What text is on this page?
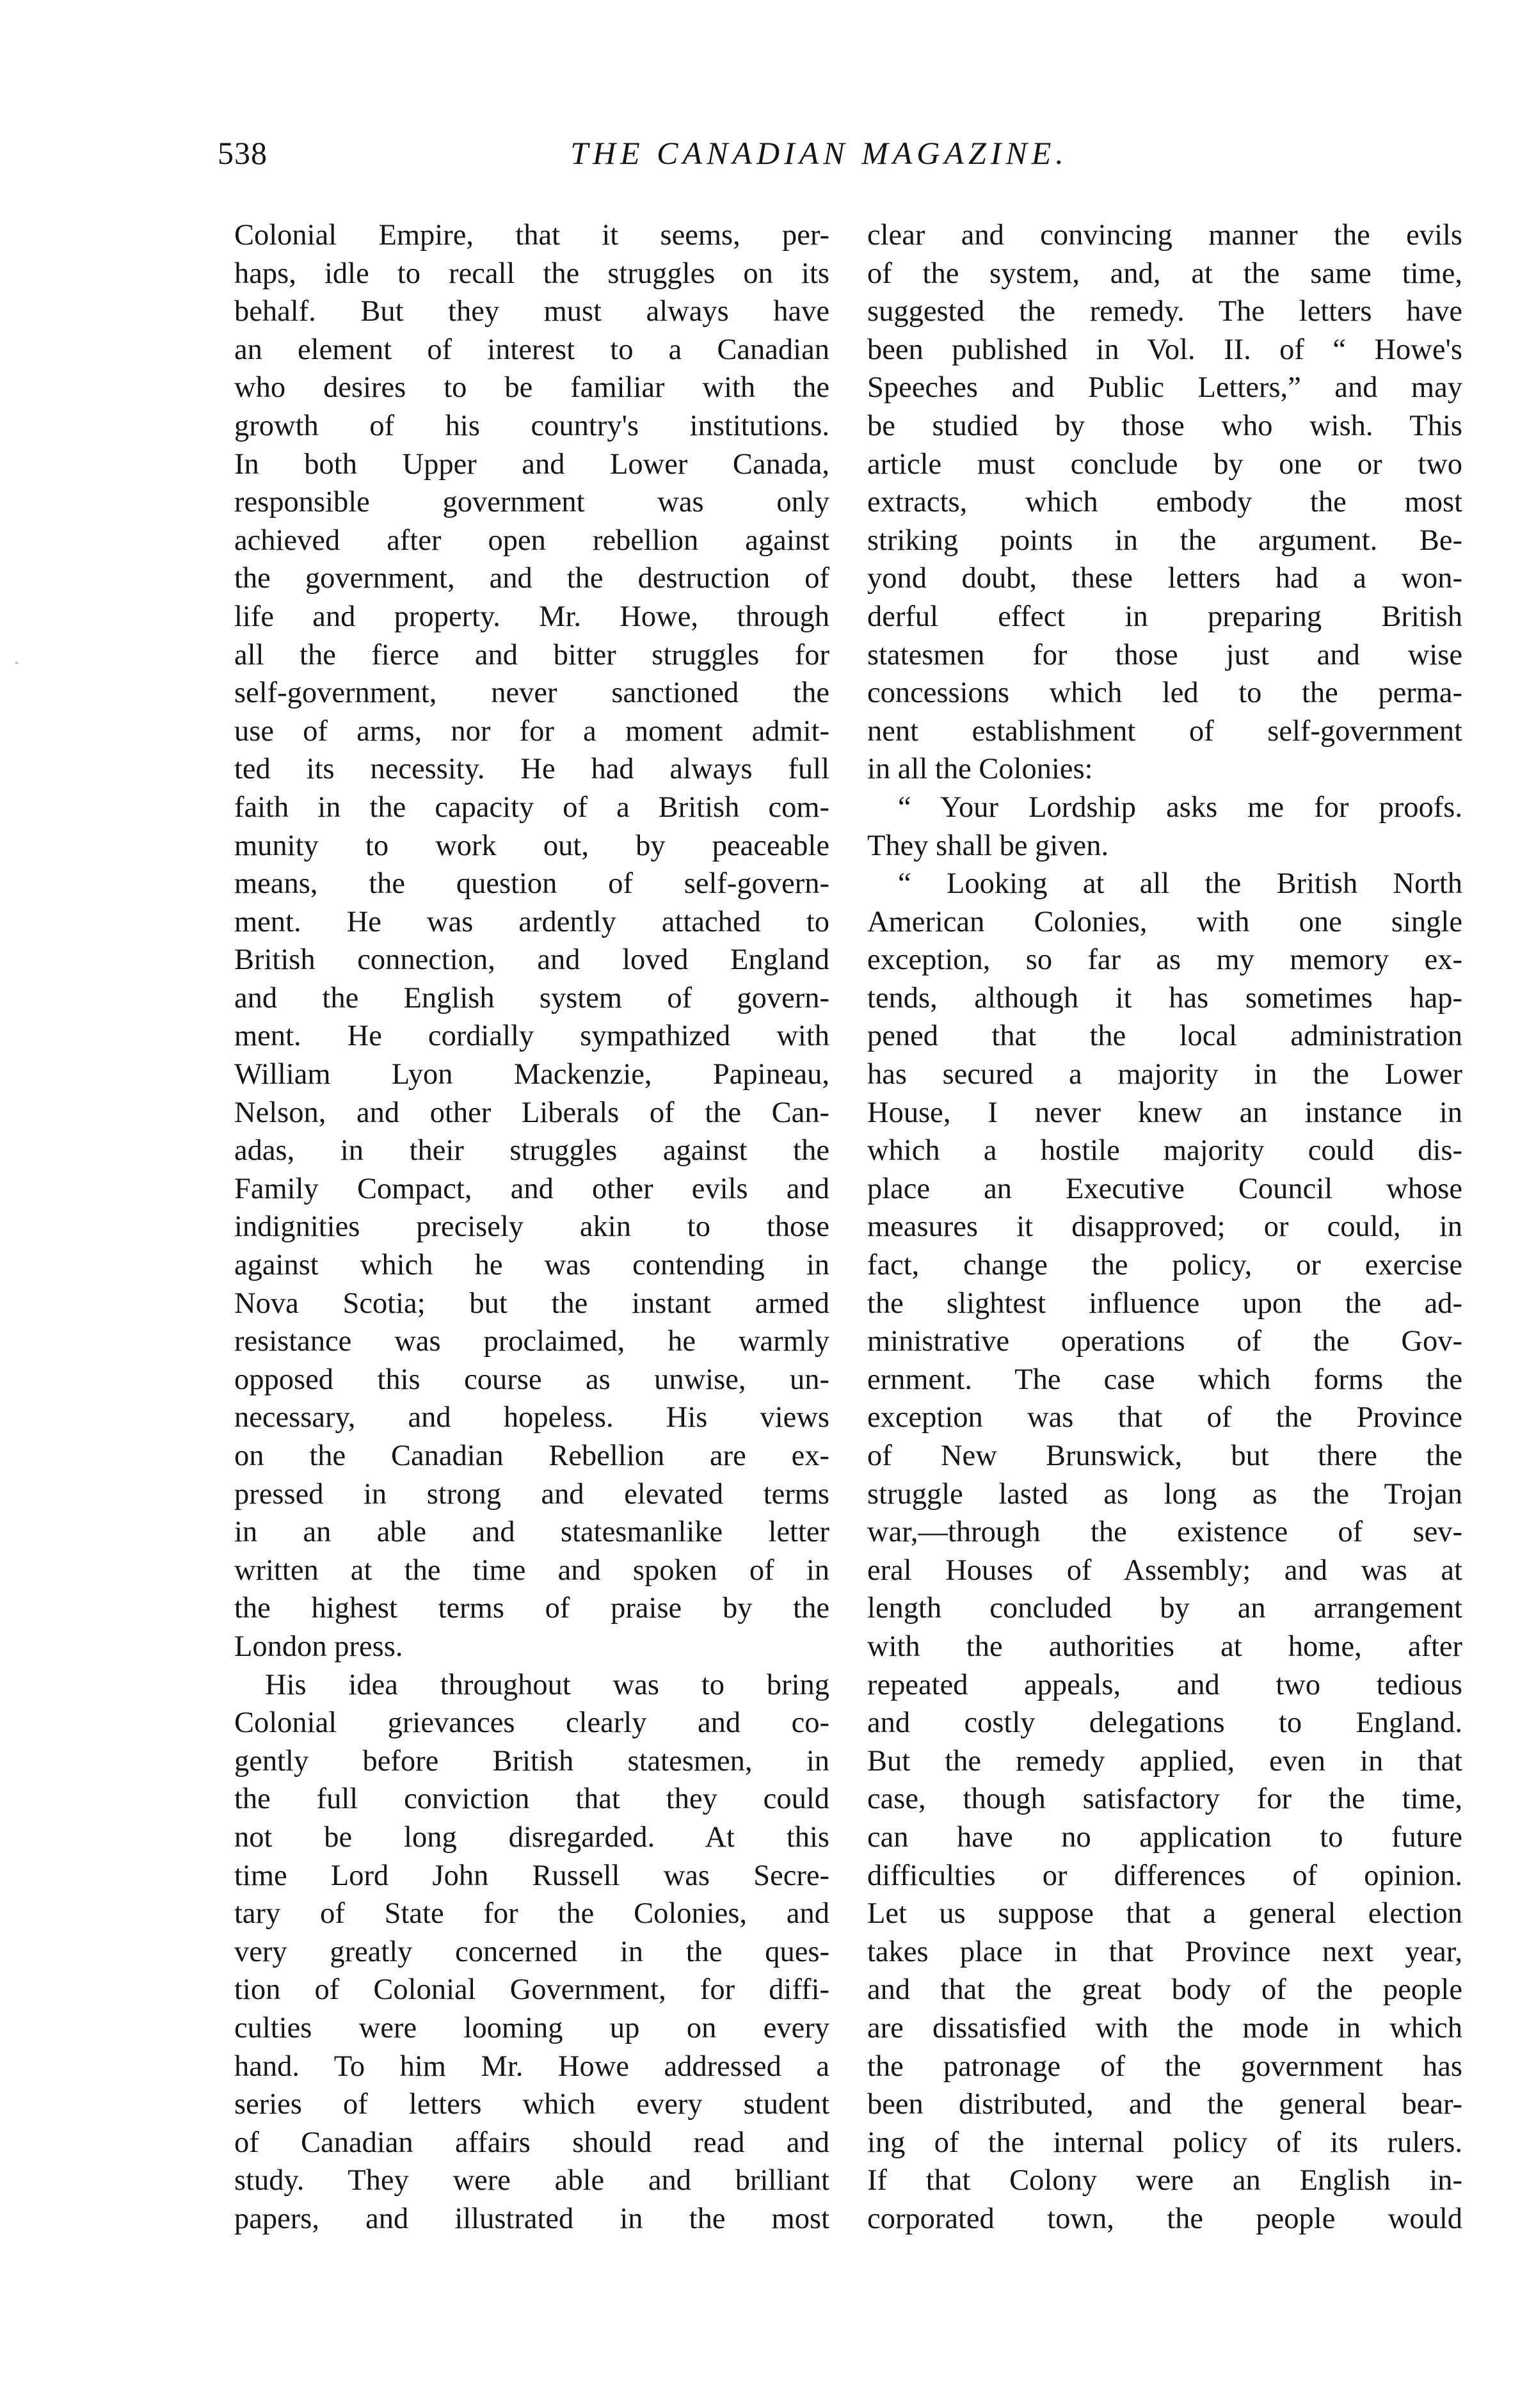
538	THE CANADIAN MAGAZINE.
Colonial Empire, that it seems, per-
haps, idle to recall the struggles on its
behalf. But they must always have
an element of interest to a Canadian
who desires to be familiar with the
growth of his country's institutions.
In both Upper and Lower Canada,
responsible government was only
achieved after open rebellion against
the government, and the destruction of
life and property. Mr. Howe, through
all the fierce and bitter struggles for
self-government, never sanctioned the
use of arms, nor for a moment admit-
ted its necessity. He had always full
faith in the capacity of a British com-
munity to work out, by peaceable
means, the question of self-govern-
ment. He was ardently attached to
British connection, and loved England
and the English system of govern-
ment. He cordially sympathized with
William Lyon Mackenzie, Papineau,
Nelson, and other Liberals of the Can-
adas, in their struggles against the
Family Compact, and other evils and
indignities precisely akin to those
against which he was contending in
Nova Scotia; but the instant armed
resistance was proclaimed, he warmly
opposed this course as unwise, un-
necessary, and hopeless. His views
on the Canadian Rebellion are ex-
pressed in strong and elevated terms
in an able and statesmanlike letter
written at the time and spoken of in
the highest terms of praise by the
London press.
His idea throughout was to bring
Colonial grievances clearly and co-
gently before British statesmen, in
the full conviction that they could
not be long disregarded. At this
time Lord John Russell was Secre-
tary of State for the Colonies, and
very greatly concerned in the ques-
tion of Colonial Government, for diffi-
culties were looming up on every
hand. To him Mr. Howe addressed a
series of letters which every student
of Canadian affairs should read and
study. They were able and brilliant
papers, and illustrated in the most
clear and convincing manner the evils
of the system, and, at the same time,
suggested the remedy. The letters have
been published in Vol. II. of “ Howe's
Speeches and Public Letters,” and may
be studied by those who wish. This
article must conclude by one or two
extracts, which embody the most
striking points in the argument. Be-
yond doubt, these letters had a won-
derful effect in preparing British
statesmen for those just and wise
concessions which led to the perma-
nent establishment of self-government
in all the Colonies:
“ Your Lordship asks me for proofs.
They shall be given.
“ Looking at all the British North
American Colonies, with one single
exception, so far as my memory ex-
tends, although it has sometimes hap-
pened that the local administration
has secured a majority in the Lower
House, I never knew an instance in
which a hostile majority could dis-
place an Executive Council whose
measures it disapproved; or could, in
fact, change the policy, or exercise
the slightest influence upon the ad-
ministrative operations of the Gov-
ernment. The case which forms the
exception was that of the Province
of New Brunswick, but there the
struggle lasted as long as the Trojan
war,—through the existence of sev-
eral Houses of Assembly; and was at
length concluded by an arrangement
with the authorities at home, after
repeated appeals, and two tedious
and costly delegations to England.
But the remedy applied, even in that
case, though satisfactory for the time,
can have no application to future
difficulties or differences of opinion.
Let us suppose that a general election
takes place in that Province next year,
and that the great body of the people
are dissatisfied with the mode in which
the patronage of the government has
been distributed, and the general bear-
ing of the internal policy of its rulers.
If that Colony were an English in-
corporated town, the people would
